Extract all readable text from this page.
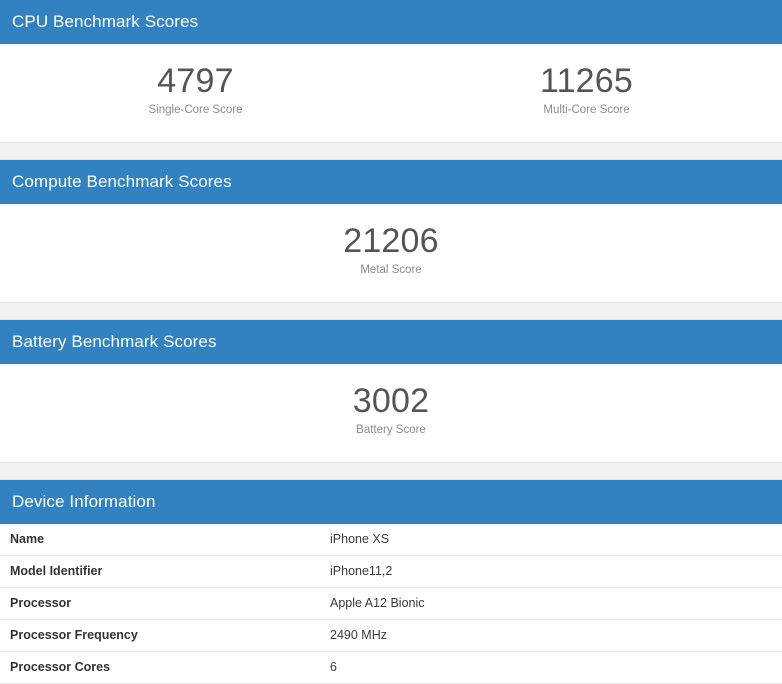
CPU Benchmark Scores
4797
Single-Core Score
11265
Multi-Core Score
Compute Benchmark Scores
21206
Metal Score
Battery Benchmark Scores
3002
Battery Score
Device Information
Name	iPhone XS
Model Identifier	iPhone11,2
Processor	Apple A12 Bionic
Processor Frequency	2490 MHz
Processor Cores	6
